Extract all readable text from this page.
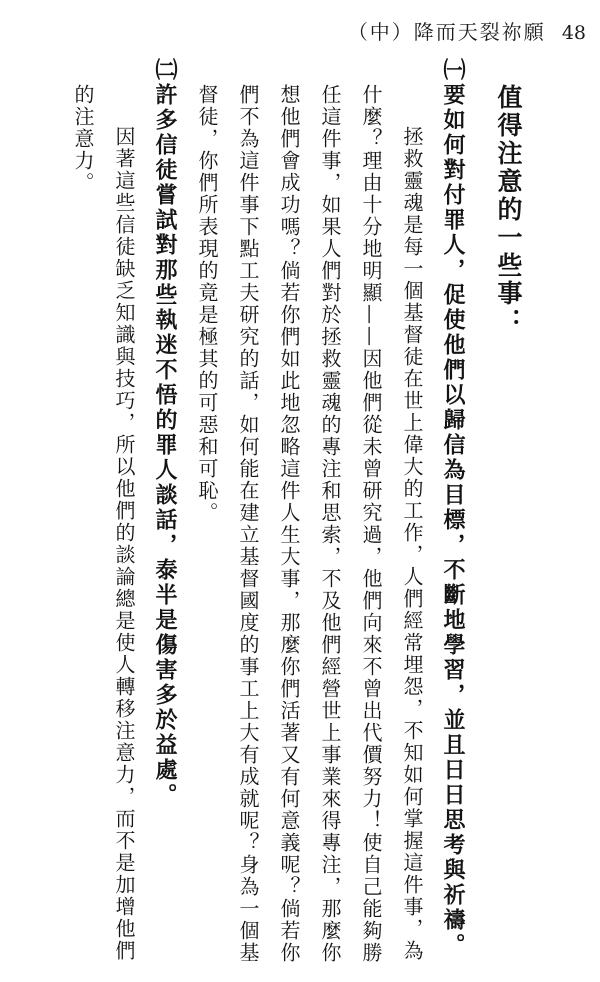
（中）降而天裂祢願 48

值得注意的一些事：

㈠要如何對付罪人，促使他們以歸信為目標，不斷地學習，並且日日思考與祈禱。

拯救靈魂是每一個基督徒在世上偉大的工作，人們經常埋怨，不知如何掌握這件事，為什麼？理由十分地明顯——因他們從未曾研究過，他們向來不曾出代價努力！使自己能夠勝任這件事，如果人們對於拯救靈魂的專注和思索，不及他們經營世上事業來得專注，那麼你想他們會成功嗎？倘若你們如此地忽略這件人生大事，那麼你們活著又有何意義呢？倘若你們不為這件事下點工夫研究的話，如何能在建立基督國度的事工上大有成就呢？身為一個基督徒，你們所表現的竟是極其的可惡和可恥。

㈡許多信徒嘗試對那些執迷不悟的罪人談話，泰半是傷害多於益處。

因著這些信徒缺乏知識與技巧，所以他們的談論總是使人轉移注意力，而不是加增他們的注意力。
